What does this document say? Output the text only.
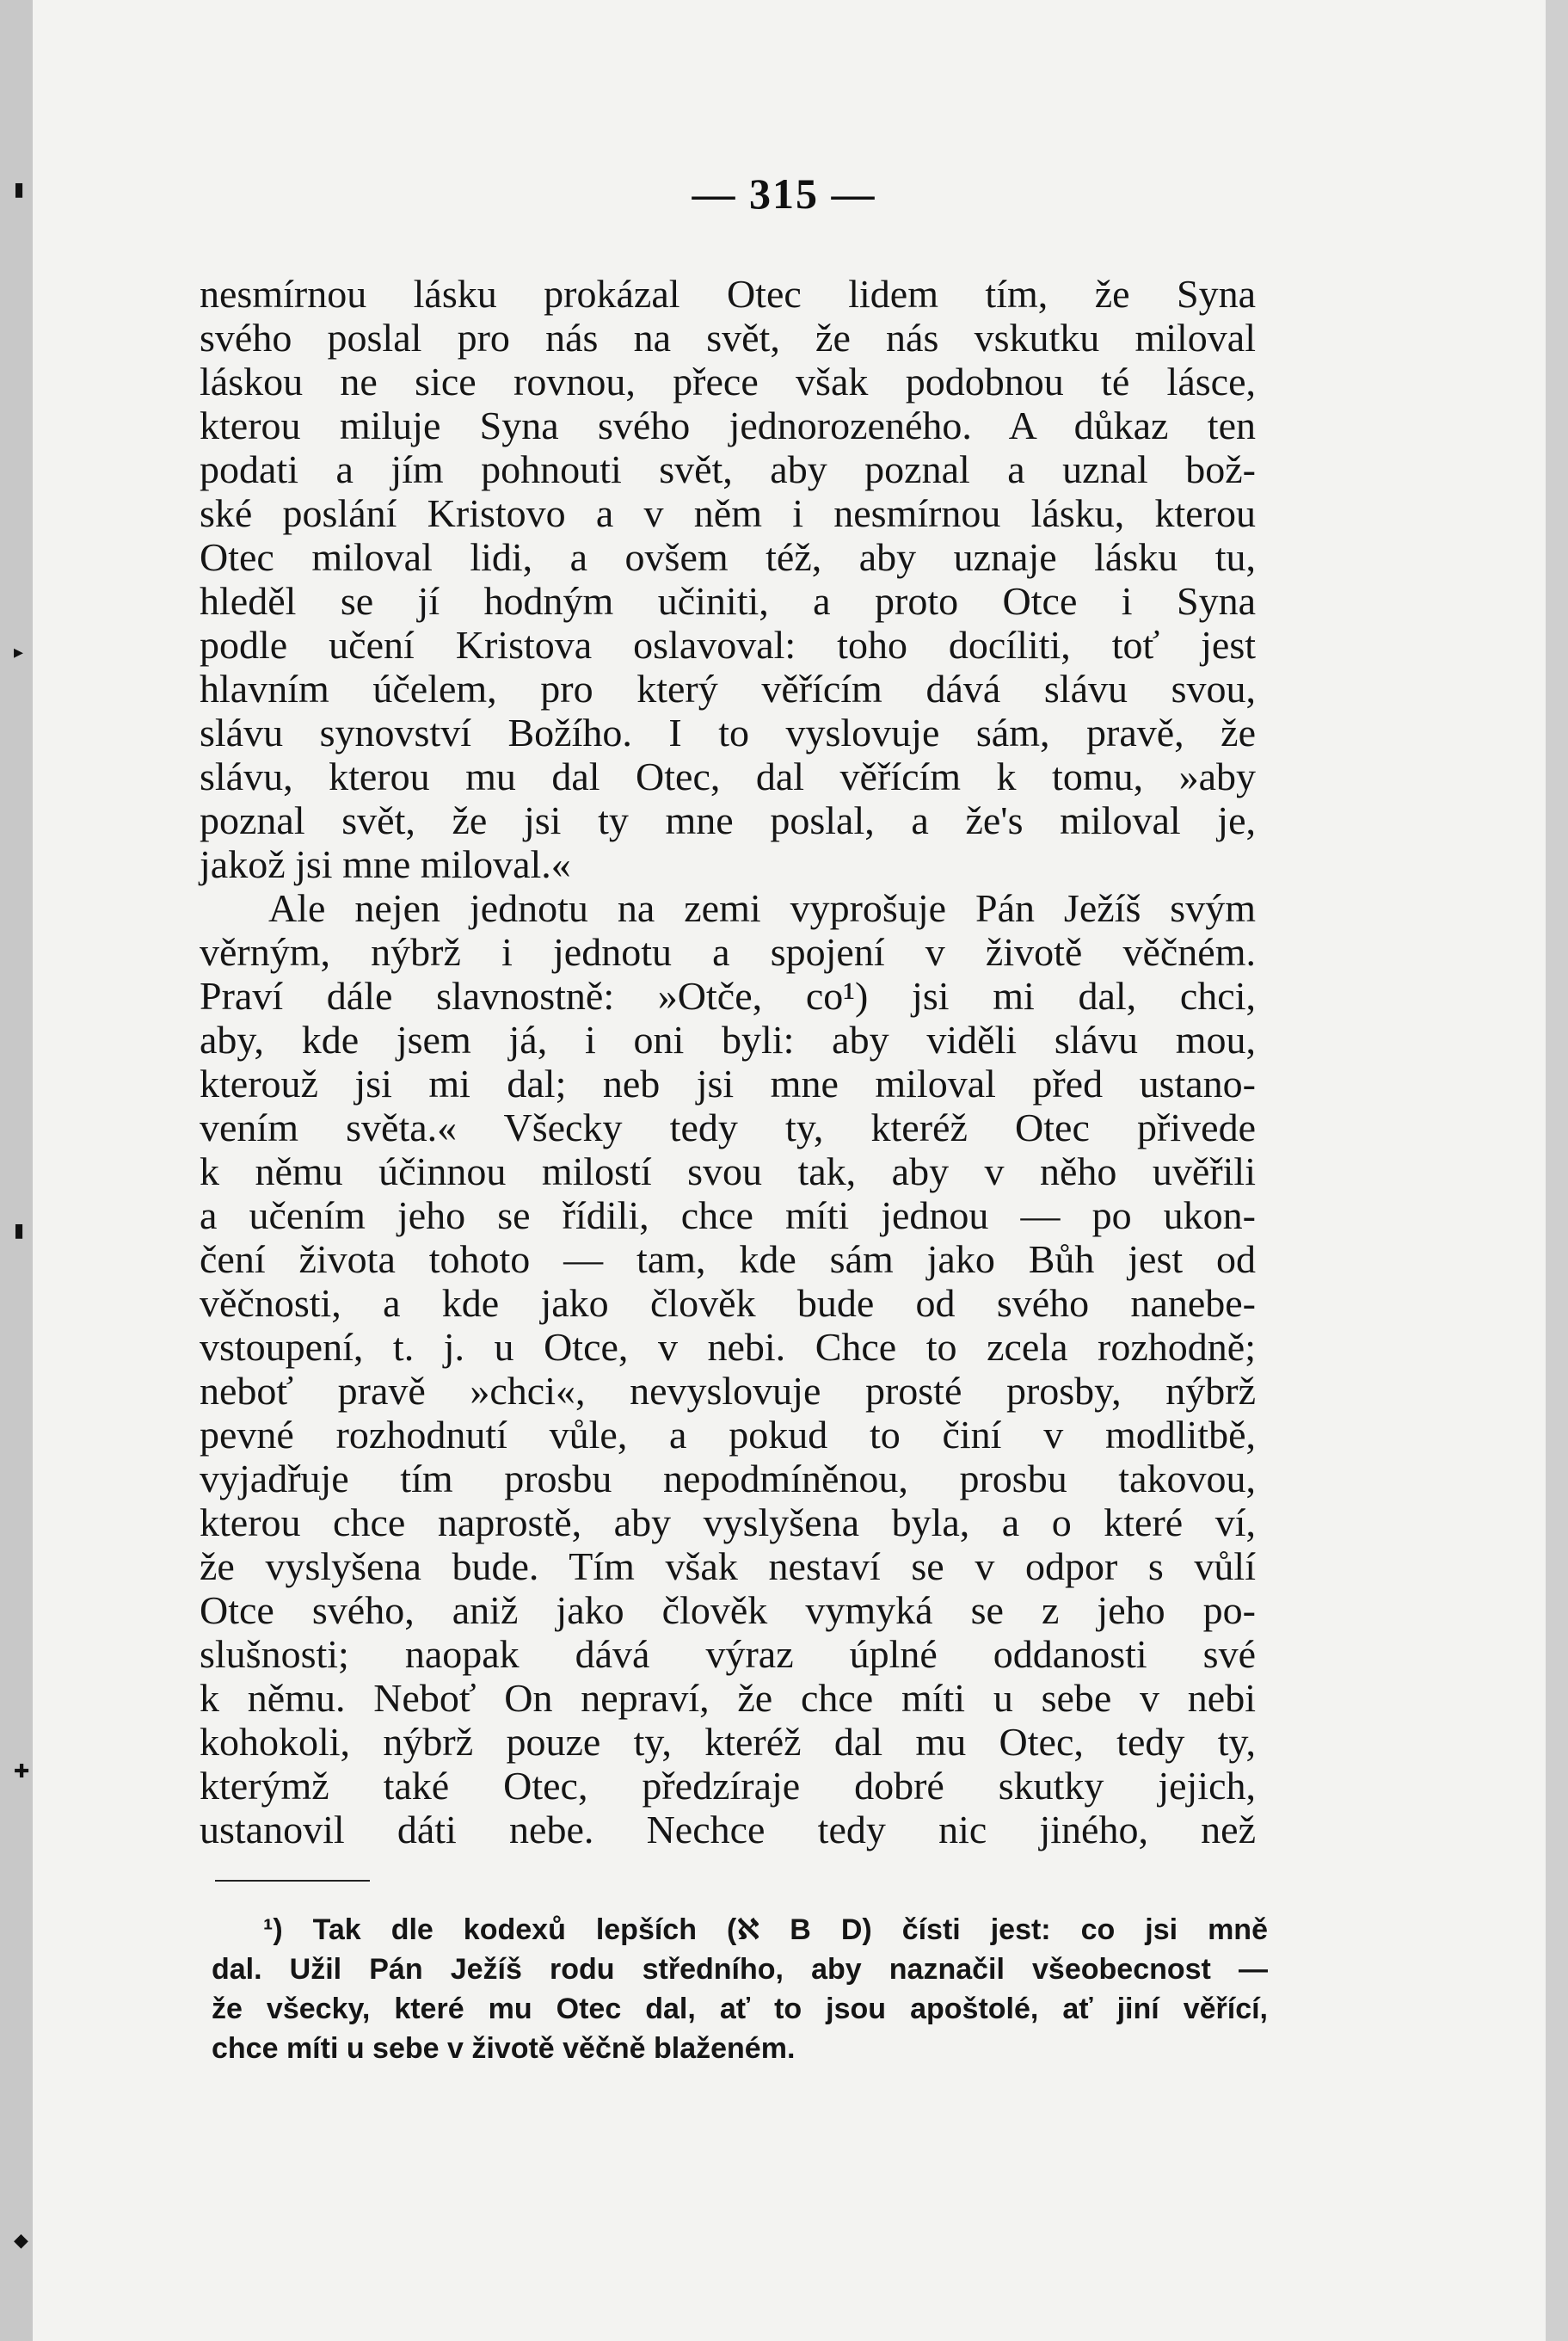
▮
▸
▮
✚
◆
— 315 —

nesmírnou lásku prokázal Otec lidem tím, že Syna
svého poslal pro nás na svět, že nás vskutku miloval
láskou ne sice rovnou, přece však podobnou té lásce,
kterou miluje Syna svého jednorozeného. A důkaz ten
podati a jím pohnouti svět, aby poznal a uznal bož-
ské poslání Kristovo a v něm i nesmírnou lásku, kterou
Otec miloval lidi, a ovšem též, aby uznaje lásku tu,
hleděl se jí hodným učiniti, a proto Otce i Syna
podle učení Kristova oslavoval: toho docíliti, toť jest
hlavním účelem, pro který věřícím dává slávu svou,
slávu synovství Božího. I to vyslovuje sám, pravě, že
slávu, kterou mu dal Otec, dal věřícím k tomu, »aby
poznal svět, že jsi ty mne poslal, a že's miloval je,
jakož jsi mne miloval.«

Ale nejen jednotu na zemi vyprošuje Pán Ježíš svým
věrným, nýbrž i jednotu a spojení v životě věčném.
Praví dále slavnostně: »Otče, co¹) jsi mi dal, chci,
aby, kde jsem já, i oni byli: aby viděli slávu mou,
kterouž jsi mi dal; neb jsi mne miloval před ustano-
vením světa.« Všecky tedy ty, kteréž Otec přivede
k němu účinnou milostí svou tak, aby v něho uvěřili
a učením jeho se řídili, chce míti jednou — po ukon-
čení života tohoto — tam, kde sám jako Bůh jest od
věčnosti, a kde jako člověk bude od svého nanebe-
vstoupení, t. j. u Otce, v nebi. Chce to zcela rozhodně;
neboť pravě »chci«, nevyslovuje prosté prosby, nýbrž
pevné rozhodnutí vůle, a pokud to činí v modlitbě,
vyjadřuje tím prosbu nepodmíněnou, prosbu takovou,
kterou chce naprostě, aby vyslyšena byla, a o které ví,
že vyslyšena bude. Tím však nestaví se v odpor s vůlí
Otce svého, aniž jako člověk vymyká se z jeho po-
slušnosti; naopak dává výraz úplné oddanosti své
k němu. Neboť On nepraví, že chce míti u sebe v nebi
kohokoli, nýbrž pouze ty, kteréž dal mu Otec, tedy ty,
kterýmž také Otec, předzíraje dobré skutky jejich,
ustanovil dáti nebe. Nechce tedy nic jiného, než

¹) Tak dle kodexů lepších (ℵ B D) čísti jest: co jsi mně
dal. Užil Pán Ježíš rodu středního, aby naznačil všeobecnost —
že všecky, které mu Otec dal, ať to jsou apoštolé, ať jiní věřící,
chce míti u sebe v životě věčně blaženém.
